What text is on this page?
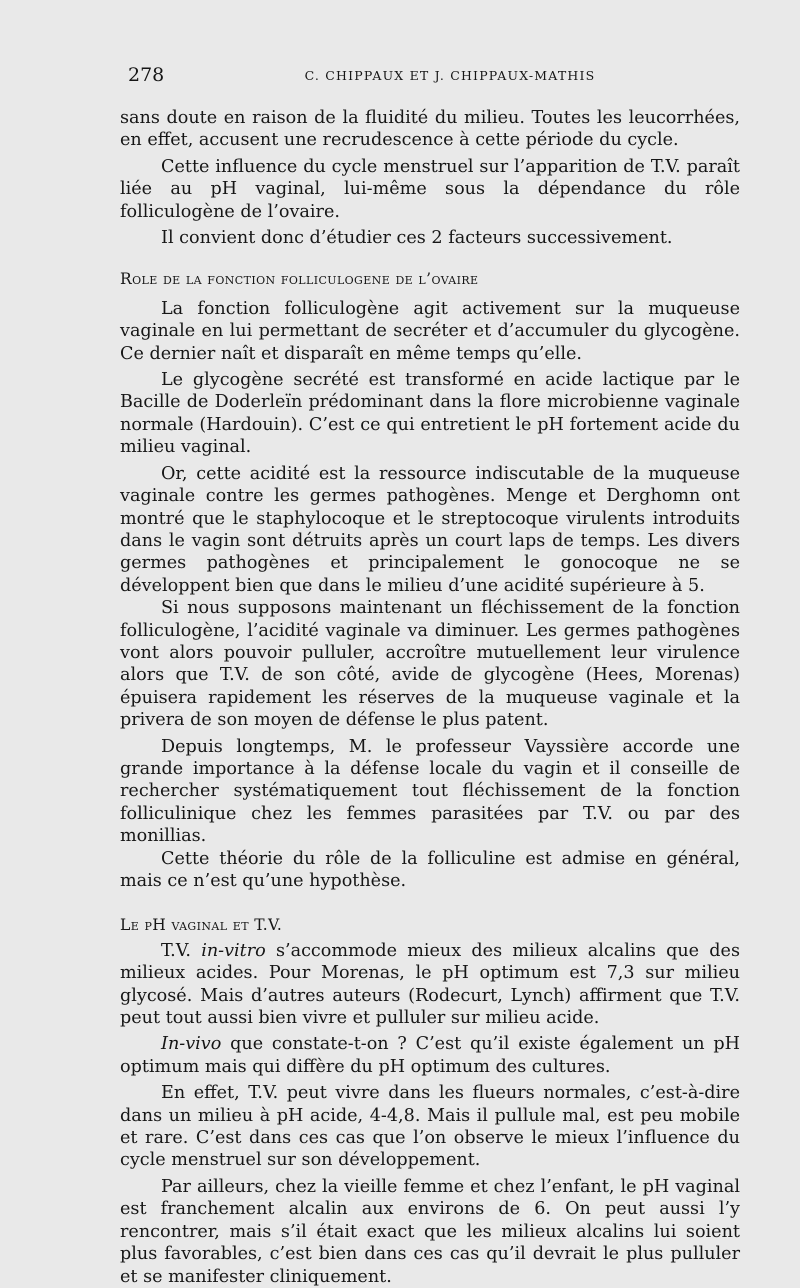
278	C. CHIPPAUX ET J. CHIPPAUX-MATHIS

sans doute en raison de la fluidité du milieu. Toutes les leucorrhées, en effet, accusent une recrudescence à cette période du cycle.

Cette influence du cycle menstruel sur l’apparition de T.V. paraît liée au pH vaginal, lui-même sous la dépendance du rôle folliculogène de l’ovaire.

Il convient donc d’étudier ces 2 facteurs successivement.

Role de la fonction folliculogene de l’ovaire

La fonction folliculogène agit activement sur la muqueuse vaginale en lui permettant de secréter et d’accumuler du glycogène. Ce dernier naît et disparaît en même temps qu’elle.

Le glycogène secrété est transformé en acide lactique par le Bacille de Doderleïn prédominant dans la flore microbienne vaginale normale (Hardouin). C’est ce qui entretient le pH fortement acide du milieu vaginal.

Or, cette acidité est la ressource indiscutable de la muqueuse vaginale contre les germes pathogènes. Menge et Derghomn ont montré que le staphylocoque et le streptocoque virulents introduits dans le vagin sont détruits après un court laps de temps. Les divers germes pathogènes et principalement le gonocoque ne se développent bien que dans le milieu d’une acidité supérieure à 5.

Si nous supposons maintenant un fléchissement de la fonction folliculogène, l’acidité vaginale va diminuer. Les germes pathogènes vont alors pouvoir pulluler, accroître mutuellement leur virulence alors que T.V. de son côté, avide de glycogène (Hees, Morenas) épuisera rapidement les réserves de la muqueuse vaginale et la privera de son moyen de défense le plus patent.

Depuis longtemps, M. le professeur Vayssière accorde une grande importance à la défense locale du vagin et il conseille de rechercher systématiquement tout fléchissement de la fonction folliculinique chez les femmes parasitées par T.V. ou par des monillias.

Cette théorie du rôle de la folliculine est admise en général, mais ce n’est qu’une hypothèse.

Le pH vaginal et T.V.

T.V. in-vitro s’accommode mieux des milieux alcalins que des milieux acides. Pour Morenas, le pH optimum est 7,3 sur milieu glycosé. Mais d’autres auteurs (Rodecurt, Lynch) affirment que T.V. peut tout aussi bien vivre et pulluler sur milieu acide.

In-vivo que constate-t-on ? C’est qu’il existe également un pH optimum mais qui diffère du pH optimum des cultures.

En effet, T.V. peut vivre dans les flueurs normales, c’est-à-dire dans un milieu à pH acide, 4-4,8. Mais il pullule mal, est peu mobile et rare. C’est dans ces cas que l’on observe le mieux l’influence du cycle menstruel sur son développement.

Par ailleurs, chez la vieille femme et chez l’enfant, le pH vaginal est franchement alcalin aux environs de 6. On peut aussi l’y rencontrer, mais s’il était exact que les milieux alcalins lui soient plus favorables, c’est bien dans ces cas qu’il devrait le plus pulluler et se manifester cliniquement.
